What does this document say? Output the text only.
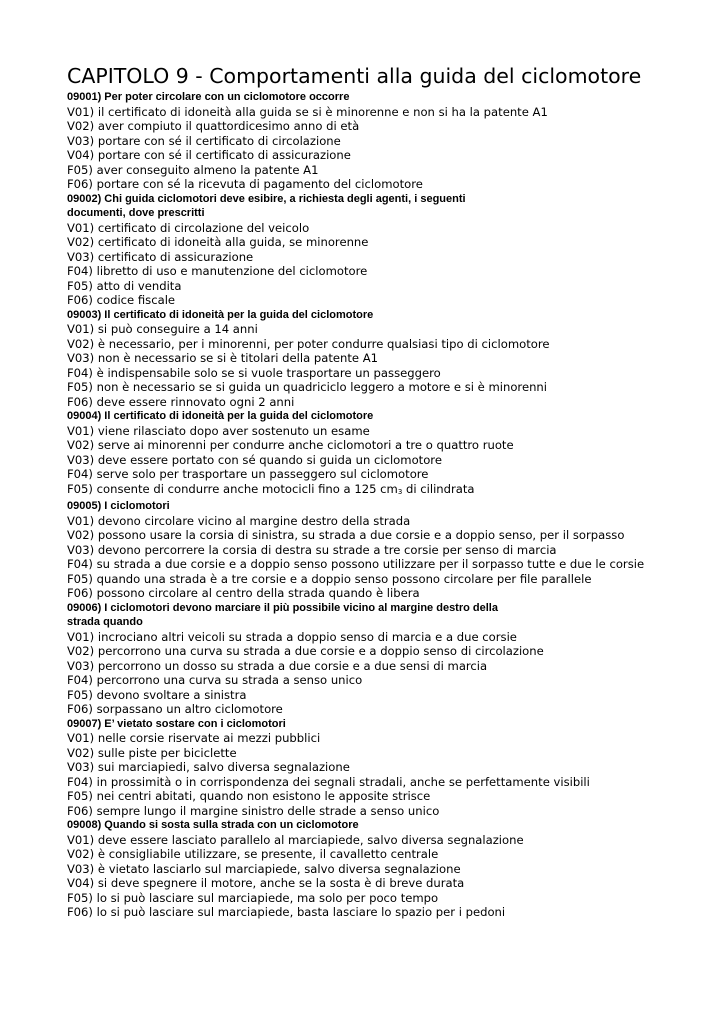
CAPITOLO 9 - Comportamenti alla guida del ciclomotore

09001) Per poter circolare con un ciclomotore occorre

V01) il certificato di idoneità alla guida se si è minorenne e non si ha la patente A1

V02) aver compiuto il quattordicesimo anno di età

V03) portare con sé il certificato di circolazione

V04) portare con sé il certificato di assicurazione

F05) aver conseguito almeno la patente A1

F06) portare con sé la ricevuta di pagamento del ciclomotore

09002) Chi guida ciclomotori deve esibire, a richiesta degli agenti, i seguenti documenti, dove prescritti

V01) certificato di circolazione del veicolo

V02) certificato di idoneità alla guida, se minorenne

V03) certificato di assicurazione

F04) libretto di uso e manutenzione del ciclomotore

F05) atto di vendita

F06) codice fiscale

09003) Il certificato di idoneità per la guida del ciclomotore

V01) si può conseguire a 14 anni

V02) è necessario, per i minorenni, per poter condurre qualsiasi tipo di ciclomotore

V03) non è necessario se si è titolari della patente A1

F04) è indispensabile solo se si vuole trasportare un passeggero

F05) non è necessario se si guida un quadriciclo leggero a motore e si è minorenni

F06) deve essere rinnovato ogni 2 anni

09004) Il certificato di idoneità per la guida del ciclomotore

V01) viene rilasciato dopo aver sostenuto un esame

V02) serve ai minorenni per condurre anche ciclomotori a tre o quattro ruote

V03) deve essere portato con sé quando si guida un ciclomotore

F04) serve solo per trasportare un passeggero sul ciclomotore

F05) consente di condurre anche motocicli fino a 125 cm3 di cilindrata

09005) I ciclomotori

V01) devono circolare vicino al margine destro della strada

V02) possono usare la corsia di sinistra, su strada a due corsie e a doppio senso, per il sorpasso

V03) devono percorrere la corsia di destra su strade a tre corsie per senso di marcia

F04) su strada a due corsie e a doppio senso possono utilizzare per il sorpasso tutte e due le corsie

F05) quando una strada è a tre corsie e a doppio senso possono circolare per file parallele

F06) possono circolare al centro della strada quando è libera

09006) I ciclomotori devono marciare il più possibile vicino al margine destro della strada quando

V01) incrociano altri veicoli su strada a doppio senso di marcia e a due corsie

V02) percorrono una curva su strada a due corsie e a doppio senso di circolazione

V03) percorrono un dosso su strada a due corsie e a due sensi di marcia

F04) percorrono una curva su strada a senso unico

F05) devono svoltare a sinistra

F06) sorpassano un altro ciclomotore

09007) E’ vietato sostare con i ciclomotori

V01) nelle corsie riservate ai mezzi pubblici

V02) sulle piste per biciclette

V03) sui marciapiedi, salvo diversa segnalazione

F04) in prossimità o in corrispondenza dei segnali stradali, anche se perfettamente visibili

F05) nei centri abitati, quando non esistono le apposite strisce

F06) sempre lungo il margine sinistro delle strade a senso unico

09008) Quando si sosta sulla strada con un ciclomotore

V01) deve essere lasciato parallelo al marciapiede, salvo diversa segnalazione

V02) è consigliabile utilizzare, se presente, il cavalletto centrale

V03) è vietato lasciarlo sul marciapiede, salvo diversa segnalazione

V04) si deve spegnere il motore, anche se la sosta è di breve durata

F05) lo si può lasciare sul marciapiede, ma solo per poco tempo

F06) lo si può lasciare sul marciapiede, basta lasciare lo spazio per i pedoni
